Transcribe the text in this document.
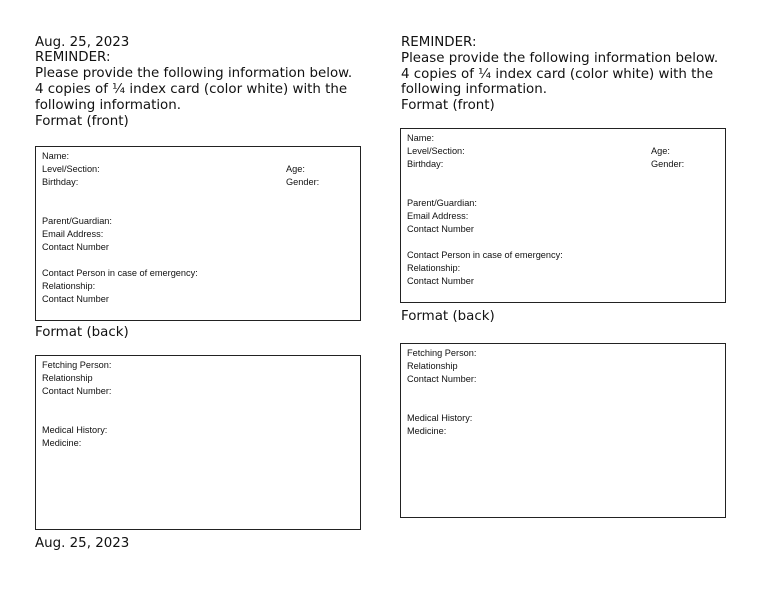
Aug. 25, 2023
REMINDER:
Please provide the following information below.
4 copies of ¼ index card (color white) with the
following information.
Format (front)
Name:
Level/Section:	Age:
Birthday:	Gender:
Parent/Guardian:
Email Address:
Contact Number
Contact Person in case of emergency:
Relationship:
Contact Number
Format (back)
Fetching Person:
Relationship
Contact Number:
Medical History:
Medicine:
Aug. 25, 2023
REMINDER:
Please provide the following information below.
4 copies of ¼ index card (color white) with the
following information.
Format (front)
Name:
Level/Section:	Age:
Birthday:	Gender:
Parent/Guardian:
Email Address:
Contact Number
Contact Person in case of emergency:
Relationship:
Contact Number
Format (back)
Fetching Person:
Relationship
Contact Number:
Medical History:
Medicine:
